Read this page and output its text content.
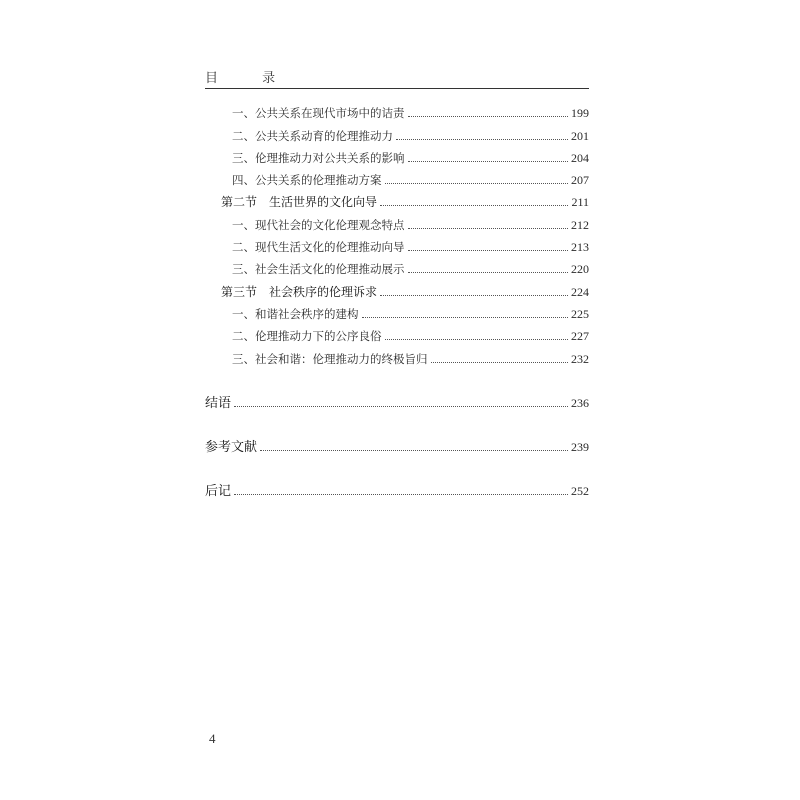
目 录
一、公共关系在现代市场中的诘责	199
二、公共关系动育的伦理推动力	201
三、伦理推动力对公共关系的影响	204
四、公共关系的伦理推动方案	207
第二节　生活世界的文化向导	211
一、现代社会的文化伦理观念特点	212
二、现代生活文化的伦理推动向导	213
三、社会生活文化的伦理推动展示	220
第三节　社会秩序的伦理诉求	224
一、和谐社会秩序的建构	225
二、伦理推动力下的公序良俗	227
三、社会和谐：伦理推动力的终极旨归	232
结语	236
参考文献	239
后记	252
4
